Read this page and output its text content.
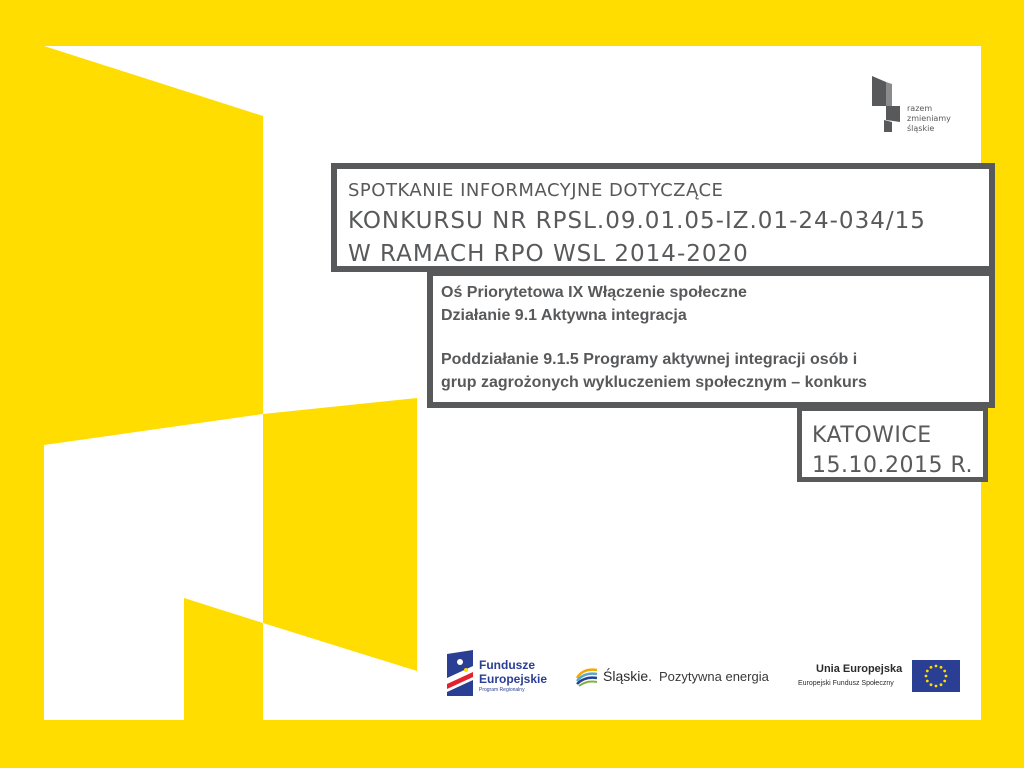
razem
zmieniamy
śląskie
SPOTKANIE INFORMACYJNE DOTYCZĄCE
KONKURSU NR RPSL.09.01.05-IZ.01-24-034/15
W RAMACH RPO WSL 2014-2020
Oś Priorytetowa IX Włączenie społeczne
Działanie 9.1 Aktywna integracja
Poddziałanie 9.1.5 Programy aktywnej integracji osób i
grup zagrożonych wykluczeniem społecznym – konkurs
KATOWICE
15.10.2015 R.
Fundusze
Europejskie
Program Regionalny
Śląskie. Pozytywna energia	Unia Europejska
Europejski Fundusz Społeczny
